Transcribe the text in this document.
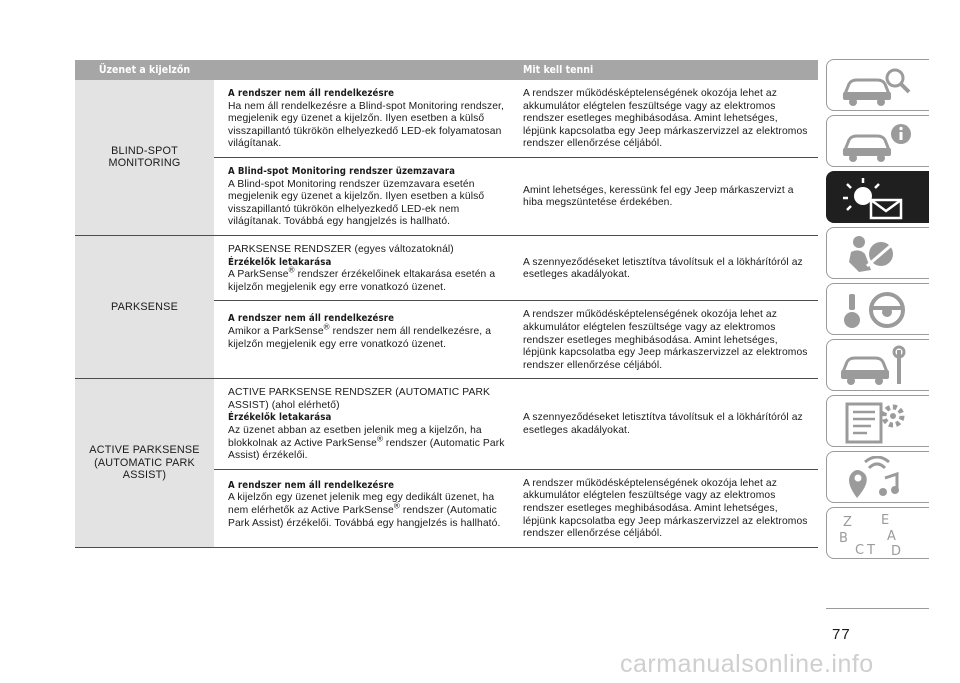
Üzenet a kijelzőn	Mit kell tenni
BLIND-SPOT MONITORING
A rendszer nem áll rendelkezésre
Ha nem áll rendelkezésre a Blind-spot Monitoring rendszer, megjelenik egy üzenet a kijelzőn. Ilyen esetben a külső visszapillantó tükrökön elhelyezkedő LED-ek folyamatosan világítanak.
A rendszer működésképtelenségének okozója lehet az akkumulátor elégtelen feszültsége vagy az elektromos rendszer esetleges meghibásodása. Amint lehetséges, lépjünk kapcsolatba egy Jeep márkaszervizzel az elektromos rendszer ellenőrzése céljából.
A Blind-spot Monitoring rendszer üzemzavara
A Blind-spot Monitoring rendszer üzemzavara esetén megjelenik egy üzenet a kijelzőn. Ilyen esetben a külső visszapillantó tükrökön elhelyezkedő LED-ek nem világítanak. Továbbá egy hangjelzés is hallható.
Amint lehetséges, keressünk fel egy Jeep márkaszervizt a hiba megszüntetése érdekében.
PARKSENSE
PARKSENSE RENDSZER (egyes változatoknál)
Érzékelők letakarása
A ParkSense® rendszer érzékelőinek eltakarása esetén a kijelzőn megjelenik egy erre vonatkozó üzenet.
A szennyeződéseket letisztítva távolítsuk el a lökhárítóról az esetleges akadályokat.
A rendszer nem áll rendelkezésre
Amikor a ParkSense® rendszer nem áll rendelkezésre, a kijelzőn megjelenik egy erre vonatkozó üzenet.
A rendszer működésképtelenségének okozója lehet az akkumulátor elégtelen feszültsége vagy az elektromos rendszer esetleges meghibásodása. Amint lehetséges, lépjünk kapcsolatba egy Jeep márkaszervizzel az elektromos rendszer ellenőrzése céljából.
ACTIVE PARKSENSE (AUTOMATIC PARK ASSIST)
ACTIVE PARKSENSE RENDSZER (AUTOMATIC PARK ASSIST) (ahol elérhető)
Érzékelők letakarása
Az üzenet abban az esetben jelenik meg a kijelzőn, ha blokkolnak az Active ParkSense® rendszer (Automatic Park Assist) érzékelői.
A szennyeződéseket letisztítva távolítsuk el a lökhárítóról az esetleges akadályokat.
A rendszer nem áll rendelkezésre
A kijelzőn egy üzenet jelenik meg egy dedikált üzenet, ha nem elérhetők az Active ParkSense® rendszer (Automatic Park Assist) érzékelői. Továbbá egy hangjelzés is hallható.
A rendszer működésképtelenségének okozója lehet az akkumulátor elégtelen feszültsége vagy az elektromos rendszer esetleges meghibásodása. Amint lehetséges, lépjünk kapcsolatba egy Jeep márkaszervizzel az elektromos rendszer ellenőrzése céljából.
Z E
B	A
C T D
77
carmanualsonline.info
